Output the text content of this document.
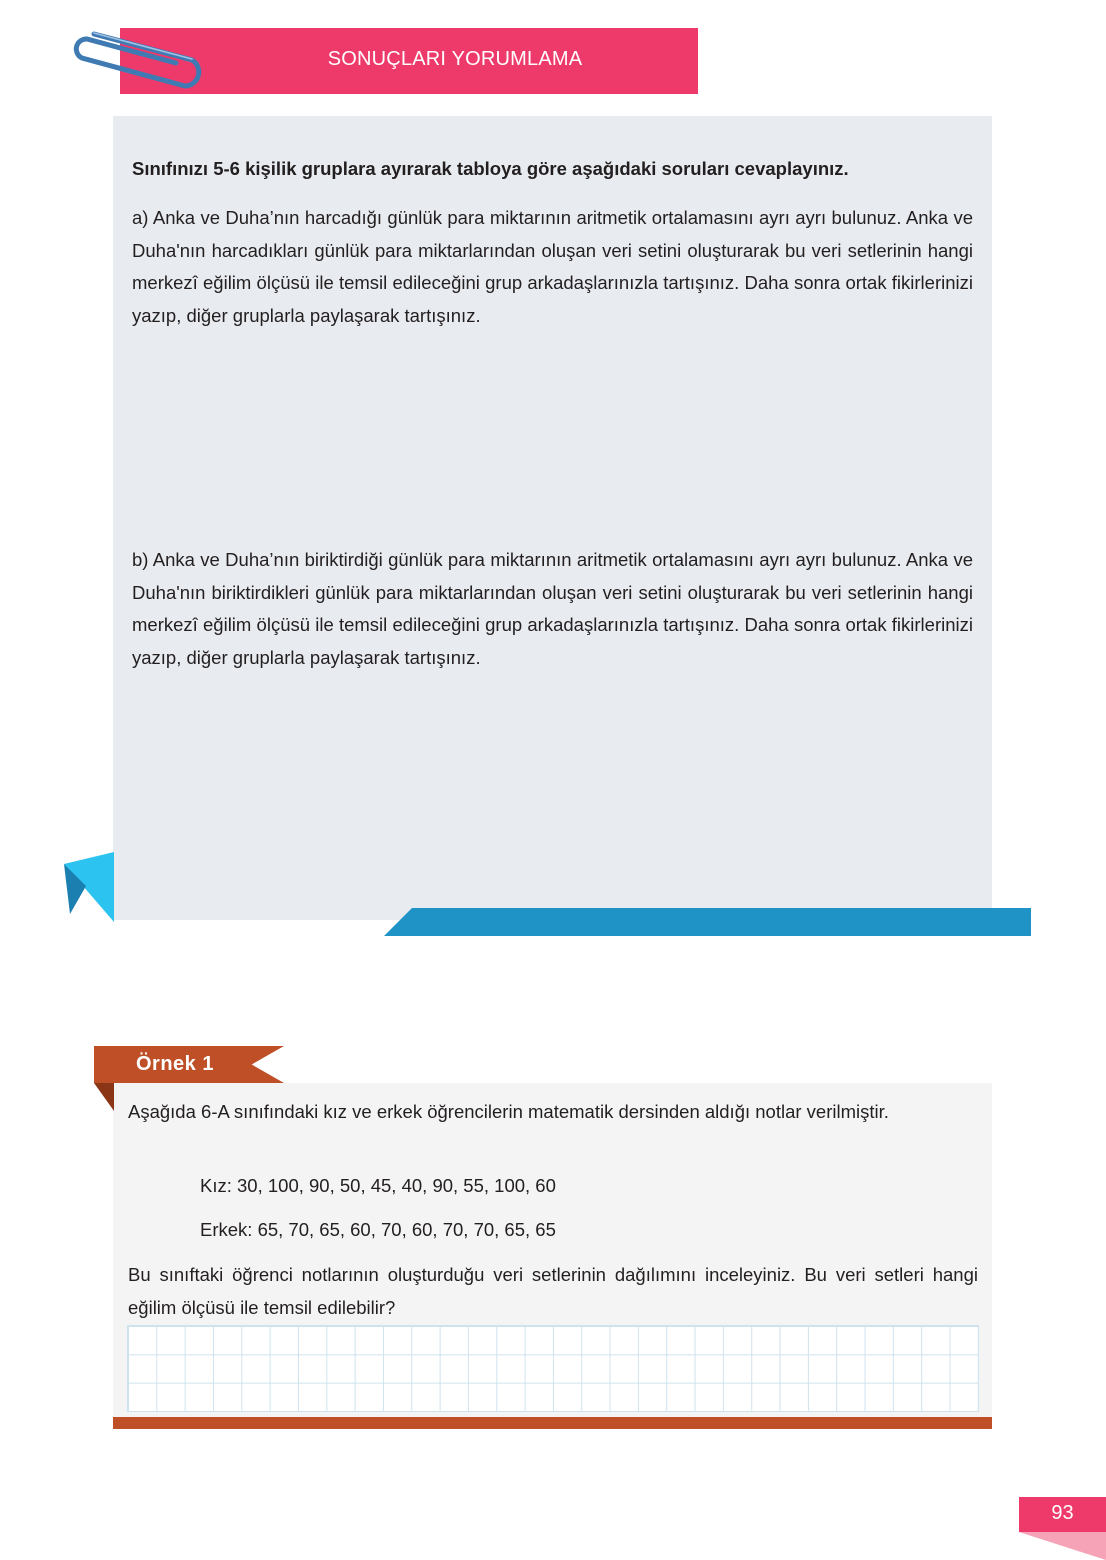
SONUÇLARI YORUMLAMA
Sınıfınızı 5-6 kişilik gruplara ayırarak tabloya göre aşağıdaki soruları cevaplayınız.
a) Anka ve Duha’nın harcadığı günlük para miktarının aritmetik ortalamasını ayrı ayrı bulunuz. Anka ve Duha'nın harcadıkları günlük para miktarlarından oluşan veri setini oluşturarak bu veri setlerinin hangi merkezî eğilim ölçüsü ile temsil edileceğini grup arkadaşlarınızla tartışınız. Daha sonra ortak fikirlerinizi yazıp, diğer gruplarla paylaşarak tartışınız.
b) Anka ve Duha’nın biriktirdiği günlük para miktarının aritmetik ortalamasını ayrı ayrı bulunuz. Anka ve Duha'nın biriktirdikleri günlük para miktarlarından oluşan veri setini oluşturarak bu veri setlerinin hangi merkezî eğilim ölçüsü ile temsil edileceğini grup arkadaşlarınızla tartışınız. Daha sonra ortak fikirlerinizi yazıp, diğer gruplarla paylaşarak tartışınız.
Örnek 1
Aşağıda 6-A sınıfındaki kız ve erkek öğrencilerin matematik dersinden aldığı notlar verilmiştir.
Kız: 30, 100, 90, 50, 45, 40, 90, 55, 100, 60
Erkek: 65, 70, 65, 60, 70, 60, 70, 70, 65, 65
Bu sınıftaki öğrenci notlarının oluşturduğu veri setlerinin dağılımını inceleyiniz. Bu veri setleri hangi eğilim ölçüsü ile temsil edilebilir?
93
